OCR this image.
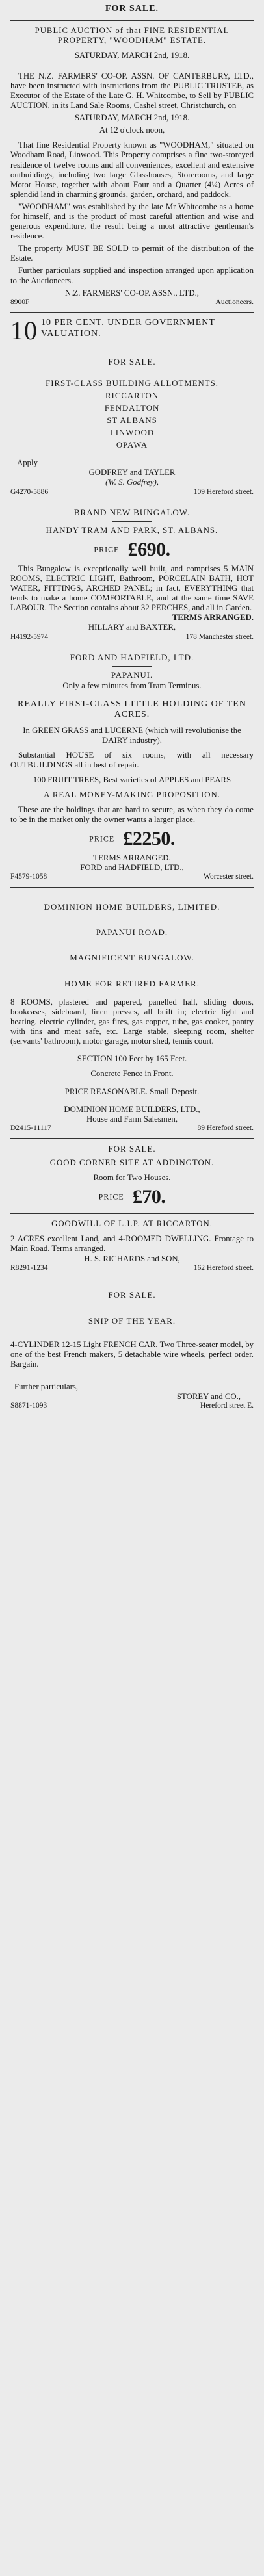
FOR SALE.
PUBLIC AUCTION of that FINE RESIDENTIAL PROPERTY, "WOODHAM" ESTATE.
SATURDAY, MARCH 2nd, 1918.

THE N.Z. FARMERS' CO-OP. ASSN. OF CANTERBURY, LTD., have been instructed with instructions from the PUBLIC TRUSTEE, as Executor of the Estate of the Late G. H. Whitcombe, to Sell by PUBLIC AUCTION, in its Land Sale Rooms, Cashel street, Christchurch, on

SATURDAY, MARCH 2nd, 1918.
At 12 o'clock noon,

That fine Residential Property known as "WOODHAM," situated on Woodham Road, Linwood. This Property comprises a fine two-storeyed residence of twelve rooms and all conveniences, excellent and extensive outbuildings, including two large Glasshouses, Storerooms, and large Motor House, together with about Four and a Quarter (4¼) Acres of splendid land in charming grounds, garden, orchard, and paddock.

"WOODHAM" was established by the late Mr Whitcombe as a home for himself, and is the product of most careful attention and wise and generous expenditure, the result being a most attractive gentleman's residence.

The property MUST BE SOLD to permit of the distribution of the Estate.

Further particulars supplied and inspection arranged upon application to the Auctioneers.

N.Z. FARMERS' CO-OP. ASSN., LTD.,
8900F	Auctioneers.
10 10 PER CENT. UNDER GOVERNMENT VALUATION.
FOR SALE.
FIRST-CLASS BUILDING ALLOTMENTS.
RICCARTON
FENDALTON
ST ALBANS
LINWOOD
OPAWA
Apply
GODFREY and TAYLER
(W. S. Godfrey),
G4270-5886	109 Hereford street.
BRAND NEW BUNGALOW.
HANDY TRAM AND PARK, ST. ALBANS.
PRICE £690.

This Bungalow is exceptionally well built, and comprises 5 MAIN ROOMS, ELECTRIC LIGHT, Bathroom, PORCELAIN BATH, HOT WATER, FITTINGS, ARCHED PANEL; in fact, EVERYTHING that tends to make a home COMFORTABLE, and at the same time SAVE LABOUR. The Section contains about 32 PERCHES, and all in Garden.

TERMS ARRANGED.
HILLARY and BAXTER,
H4192-5974	178 Manchester street.
FORD AND HADFIELD, LTD.
PAPANUI.
Only a few minutes from Tram Terminus.
REALLY FIRST-CLASS LITTLE HOLDING OF TEN ACRES.
In GREEN GRASS and LUCERNE (which will revolutionise the DAIRY industry).

Substantial HOUSE of six rooms, with all necessary OUTBUILDINGS all in best of repair.

100 FRUIT TREES, Best varieties of APPLES and PEARS
A REAL MONEY-MAKING PROPOSITION.

These are the holdings that are hard to secure, as when they do come to be in the market only the owner wants a larger place.

PRICE £2250.
TERMS ARRANGED.
FORD and HADFIELD, LTD.,
F4579-1058	Worcester street.
DOMINION HOME BUILDERS, LIMITED.
PAPANUI ROAD.
MAGNIFICENT BUNGALOW.
HOME FOR RETIRED FARMER.

8 ROOMS, plastered and papered, panelled hall, sliding doors, bookcases, sideboard, linen presses, all built in; electric light and heating, electric cylinder, gas fires, gas copper, tube, gas cooker, pantry with tins and meat safe, etc. Large stable, sleeping room, shelter (servants' bathroom), motor garage, motor shed, tennis court.

SECTION 100 Feet by 165 Feet.
Concrete Fence in Front.
PRICE REASONABLE. Small Deposit.
DOMINION HOME BUILDERS, LTD.,
House and Farm Salesmen,
D2415-11117	89 Hereford street.
FOR SALE.
GOOD CORNER SITE AT ADDINGTON.
Room for Two Houses.
PRICE £70.
GOODWILL OF L.I.P. AT RICCARTON.

2 ACRES excellent Land, and 4-ROOMED DWELLING. Frontage to Main Road. Terms arranged.

H. S. RICHARDS and SON,
R8291-1234	162 Hereford street.
FOR SALE.
SNIP OF THE YEAR.

4-CYLINDER 12-15 Light FRENCH CAR. Two Three-seater model, by one of the best French makers, 5 detachable wire wheels, perfect order. Bargain.

Further particulars,
STOREY and CO.,
S8871-1093	Hereford street E.
